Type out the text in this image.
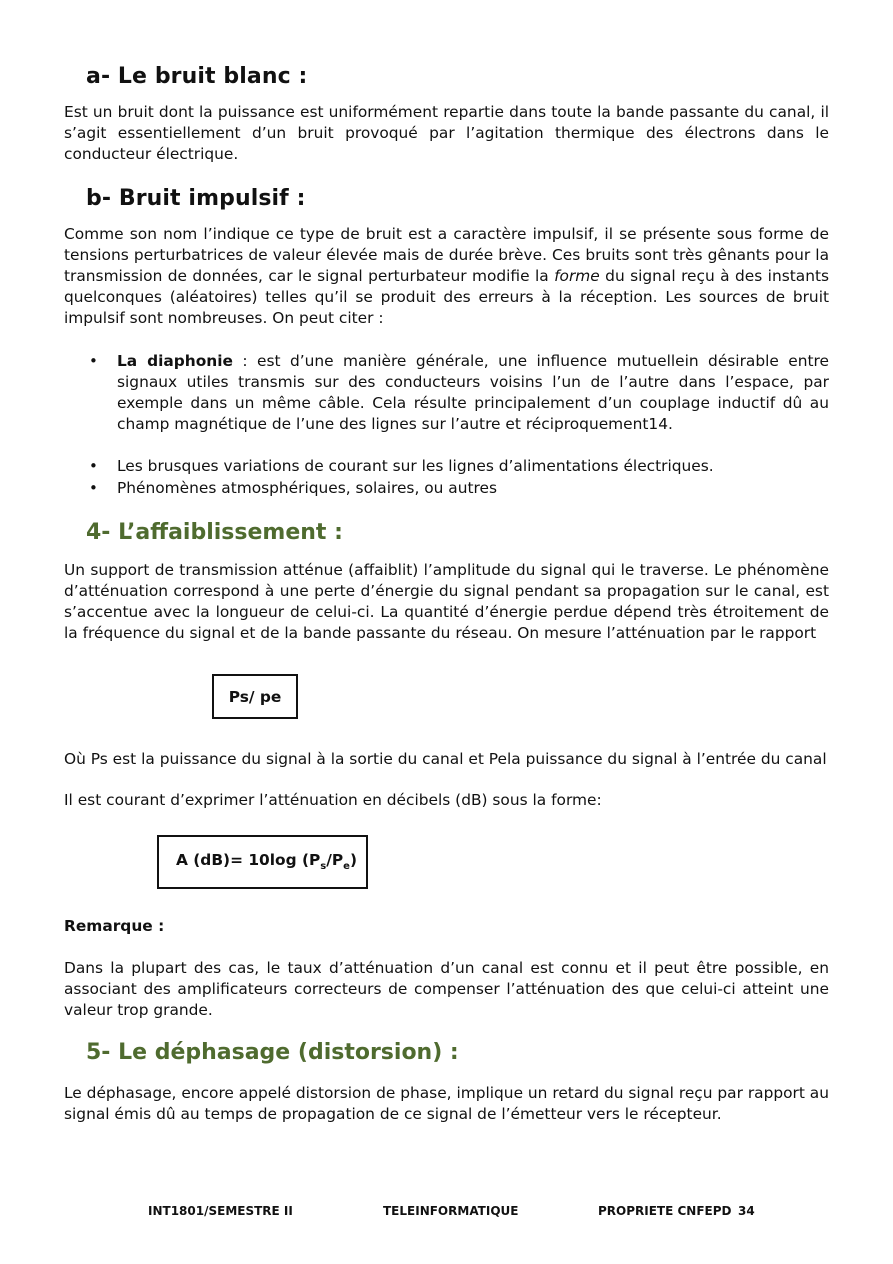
a- Le bruit blanc :
Est un bruit dont la puissance est uniformément repartie dans toute la bande passante du canal, il s’agit essentiellement d’un bruit provoqué par l’agitation thermique des électrons dans le conducteur électrique.
b- Bruit impulsif :
Comme son nom l’indique ce type de bruit est a caractère impulsif, il se présente sous forme de tensions perturbatrices de valeur élevée mais de durée brève. Ces bruits sont très gênants pour la transmission de données, car le signal perturbateur modifie la forme du signal reçu à des instants quelconques (aléatoires) telles qu’il se produit des erreurs à la réception. Les sources de bruit impulsif sont nombreuses. On peut citer :
• La diaphonie : est d’une manière générale, une influence mutuellein désirable entre signaux utiles transmis sur des conducteurs voisins l’un de l’autre dans l’espace, par exemple dans un même câble. Cela résulte principalement d’un couplage inductif dû au champ magnétique de l’une des lignes sur l’autre et réciproquement14.
• Les brusques variations de courant sur les lignes d’alimentations électriques.
• Phénomènes atmosphériques, solaires, ou autres
4- L’affaiblissement :
Un support de transmission atténue (affaiblit) l’amplitude du signal qui le traverse. Le phénomène d’atténuation correspond à une perte d’énergie du signal pendant sa propagation sur le canal, est s’accentue avec la longueur de celui-ci. La quantité d’énergie perdue dépend très étroitement de la fréquence du signal et de la bande passante du réseau. On mesure l’atténuation par le rapport
Ps/ pe
Où Ps est la puissance du signal à la sortie du canal et Pela puissance du signal à l’entrée du canal
Il est courant d’exprimer l’atténuation en décibels (dB) sous la forme:
A (dB)= 10log $(P_s/P_e)$
Remarque :
Dans la plupart des cas, le taux d’atténuation d’un canal est connu et il peut être possible, en associant des amplificateurs correcteurs de compenser l’atténuation des que celui-ci atteint une valeur trop grande.
5- Le déphasage (distorsion) :
Le déphasage, encore appelé distorsion de phase, implique un retard du signal reçu par rapport au signal émis dû au temps de propagation de ce signal de l’émetteur vers le récepteur.
INT1801/SEMESTRE II	TELEINFORMATIQUE	PROPRIETE CNFEPD 34
